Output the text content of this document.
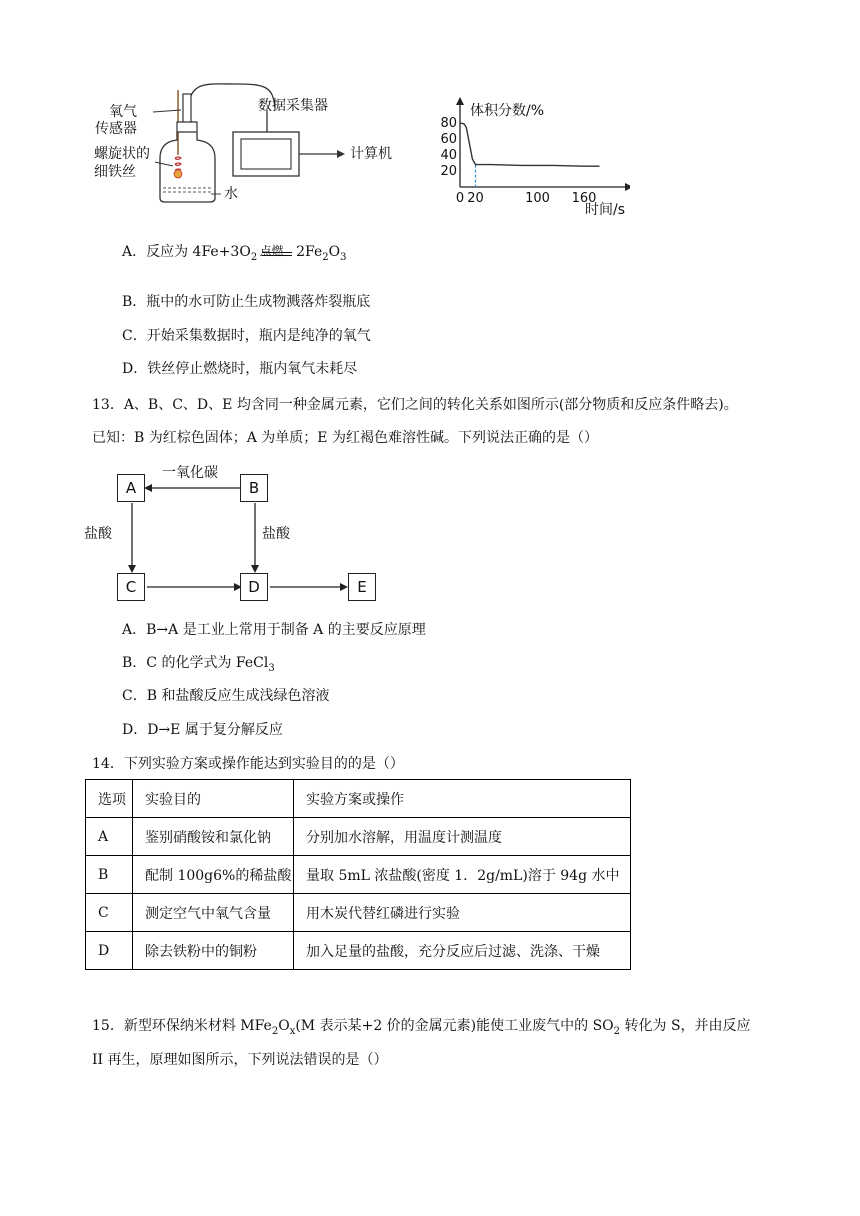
氧气
传感器
螺旋状的
细铁丝
水
数据采集器
计算机
体积分数/%
时间/s
80
60
40
20
0 20	100 160
A．反应为 $4Fe+3O_2$ 点燃 $2Fe_2O_3$
B．瓶中的水可防止生成物溅落炸裂瓶底
C．开始采集数据时，瓶内是纯净的氧气
D．铁丝停止燃烧时，瓶内氧气未耗尽
13．A、B、C、D、E 均含同一种金属元素，它们之间的转化关系如图所示(部分物质和反应条件略去)。
已知：B 为红棕色固体；A 为单质；E 为红褐色难溶性碱。下列说法正确的是（）
A	B
C	D	E
一氧化碳
盐酸	盐酸
A．B→A 是工业上常用于制备 A 的主要反应原理
B．C 的化学式为 FeCl$_3$
C．B 和盐酸反应生成浅绿色溶液
D．D→E 属于复分解反应
14．下列实验方案或操作能达到实验目的的是（）
选项	实验目的	实验方案或操作
A	鉴别硝酸铵和氯化钠	分别加水溶解，用温度计测温度
B	配制 100g6%的稀盐酸	量取 5mL 浓盐酸(密度 1．2g/mL)溶于 94g 水中
C	测定空气中氧气含量	用木炭代替红磷进行实验
D	除去铁粉中的铜粉	加入足量的盐酸，充分反应后过滤、洗涤、干燥
15．新型环保纳米材料 $MFe_2O_x(M$ 表示某+2 价的金属元素)能使工业废气中的 $SO_2$ 转化为 S，并由反应
II 再生，原理如图所示，下列说法错误的是（）
